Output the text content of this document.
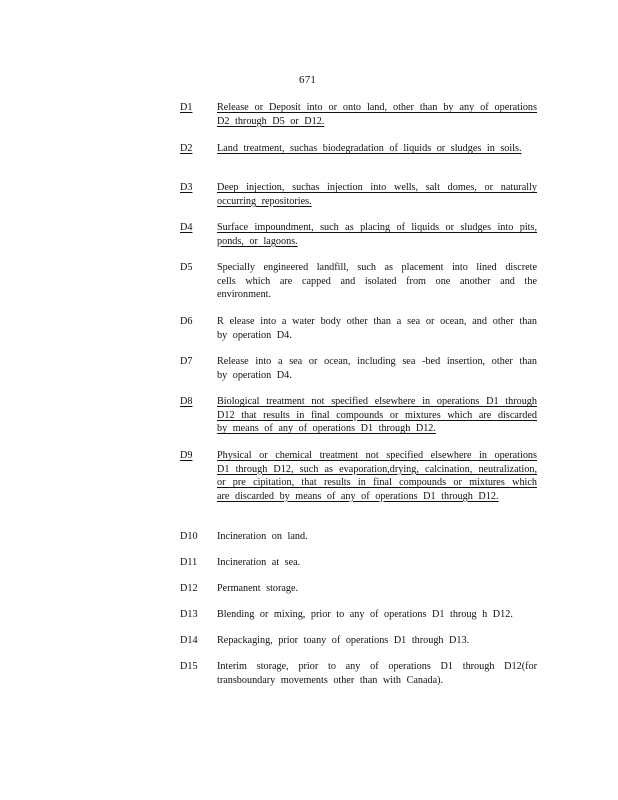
671
D1	Release or Deposit into or onto land, other than by any of operations D2 through D5 or D12.
D2	Land treatment, suchas biodegradation of liquids or sludges in soils.
D3	Deep injection, suchas injection into wells, salt domes, or naturally occurring repositories.
D4	Surface impoundment, such as placing of liquids or sludges into pits, ponds, or lagoons.
D5	Specially engineered landfill, such as placement into lined discrete cells which are capped and isolated from one another and the environment.
D6	R elease into a water body other than a sea or ocean, and other than by operation D4.
D7	Release into a sea or ocean, including sea -bed insertion, other than by operation D4.
D8	Biological treatment not specified elsewhere in operations D1 through D12 that results in final compounds or mixtures which are discarded by means of any of operations D1 through D12.
D9	Physical or chemical treatment not specified elsewhere in operations D1 through D12, such as evaporation,drying, calcination, neutralization, or pre cipitation, that results in final compounds or mixtures which are discarded by means of any of operations D1 through D12.
D10	Incineration on land.
D11	Incineration at sea.
D12	Permanent storage.
D13	Blending or mixing, prior to any of operations D1 throug h D12.
D14	Repackaging, prior toany of operations D1 through D13.
D15	Interim storage, prior to any of operations D1 through D12(for transboundary movements other than with Canada).
